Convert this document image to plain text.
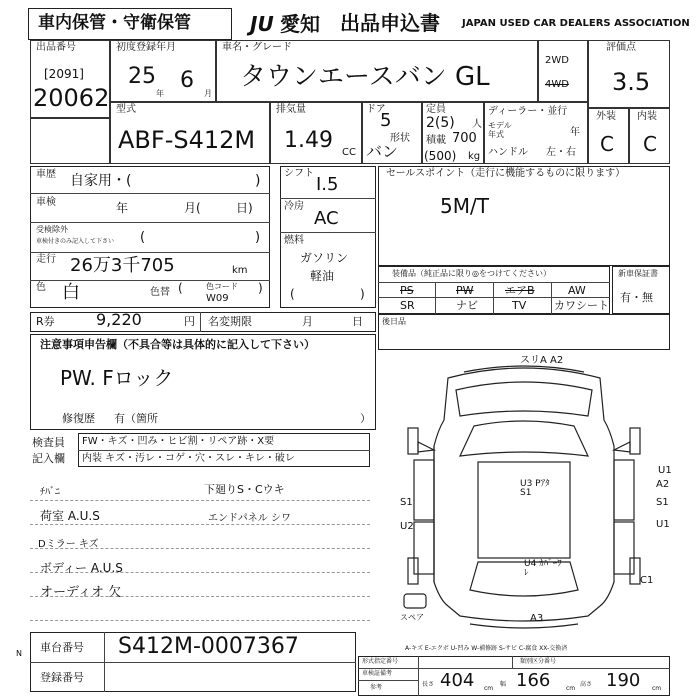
車内保管・守衛保管	JU 愛知 出品申込書 JAPAN USED CAR DEALERS ASSOCIATION
出品番号
[2091]
20062
初度登録年月
25
年
6
月
車名・グレード
タウンエースバン GL
2WD
4WD
評価点
3.5
外装 内装
C C
型式
ABF-S412M
排気量
1.49 CC
ドア
5
形状
バン
定員
2(5) 人
積載 700
(500) kg
ディーラー・並行
モデル
年式	年
ハンドル 左・右
車歴 自家用・(	)
車検	年	月(	日)
受検除外
車検付きのみ記入して下さい (	)
走行 26万3千705	km
色 白	色替 (	)
色コード
W09
シフト
I.5
冷房
AC
燃料
ガソリン
軽油
(	)
セールスポイント（走行に機能するものに限ります）
5M/T
装備品（純正品に限り◎をつけてください）
PS	PW	エアB	AW
SR	ナビ	TV	カワシート
新車保証書
有・無
R券	9,220	円 名変期限	月	日 後日品
注意事項申告欄（不具合等は具体的に記入して下さい）
PW. Fロック
修復歴 有（箇所	）
検査員
記入欄
FW・キズ・凹み・ヒビ割・リペア跡・X要
内装 キズ・汚レ・コゲ・穴・スレ・キレ・破レ
ﾁﾊﾞﾆ	下廻りS・Cウキ
荷室 A.U.S	エンドパネル シワ
Dミラー キズ
ボディー A.U.S
オーディオ 欠
スリA A2
U1
A2
S1
U1
S1
U2
U3 Pｱﾀ S1
U4 ｶﾊﾞｰﾜﾚ
C1
A3
スペア
車台番号 S412M-0007367
登録番号
N
A-キズ E-エクボ U-凹み W-補修跡 S-サビ C-腐食 XX-交換済
形式指定番号	類別区分番号
車検証備考
参考	長さ 404 cm
幅 166	cm
高さ 190 cm
